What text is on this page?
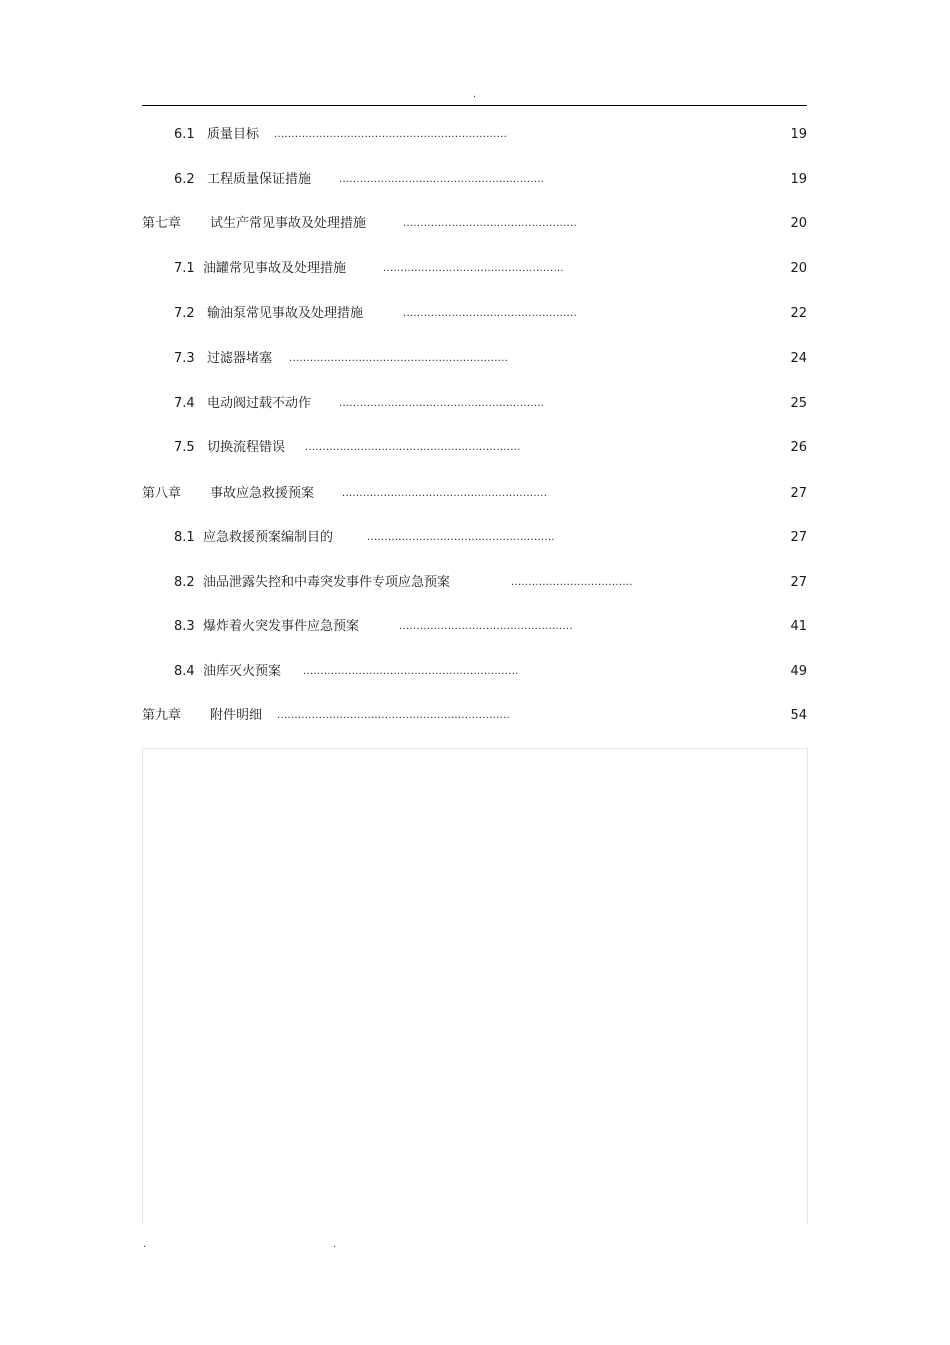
.
6.1 质量目标 ...................................................................	19
6.2 工程质量保证措施	...........................................................	19
第七章 试生产常见事故及处理措施	..................................................	20
7.1 油罐常见事故及处理措施	....................................................	20
7.2 输油泵常见事故及处理措施	..................................................	22
7.3 过滤器堵塞 ...............................................................	24
7.4 电动阀过载不动作	...........................................................	25
7.5 切换流程错误 ..............................................................	26
第八章 事故应急救援预案	...........................................................	27
8.1 应急救援预案编制目的	......................................................	27
8.2 油品泄露失控和中毒突发事件专项应急预案	...................................	27
8.3 爆炸着火突发事件应急预案	..................................................	41
8.4 油库灭火预案 ..............................................................	49
第九章 附件明细 ...................................................................	54
.	.
